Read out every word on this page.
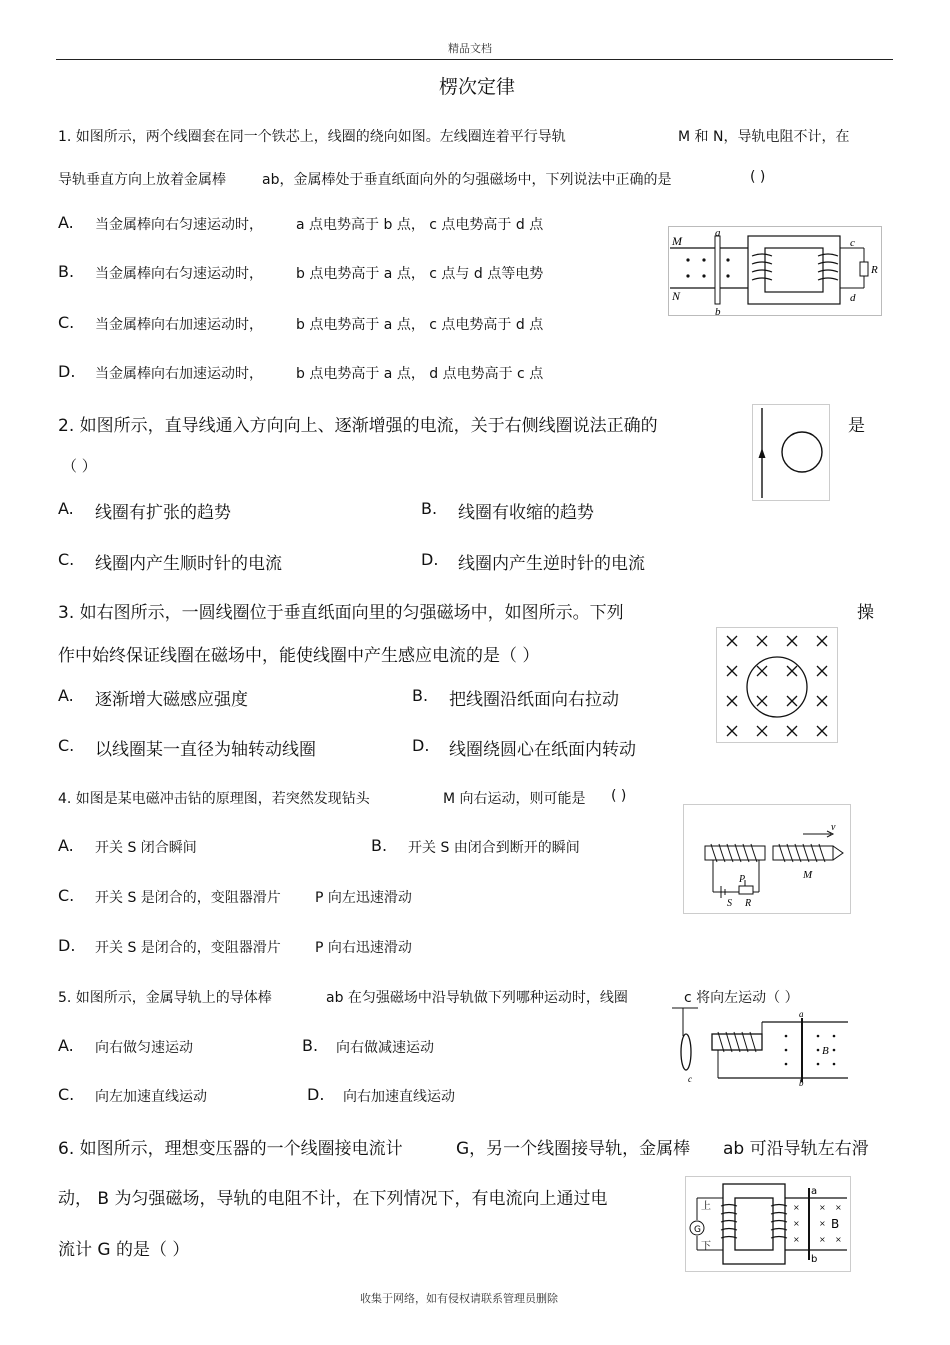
精品文档
楞次定律
1. 如图所示，两个线圈套在同一个铁芯上，线圈的绕向如图。左线圈连着平行导轨	M 和 N，导轨电阻不计，在
导轨垂直方向上放着金属棒	ab，金属棒处于垂直纸面向外的匀强磁场中，下列说法中正确的是	( )
A. 当金属棒向右匀速运动时， a 点电势高于 b 点， c 点电势高于 d 点
B. 当金属棒向右匀速运动时， b 点电势高于 a 点， c 点与 d 点等电势
C. 当金属棒向右加速运动时， b 点电势高于 a 点， c 点电势高于 d 点
D. 当金属棒向右加速运动时， b 点电势高于 a 点， d 点电势高于 c 点
M
N
a
b
c
d
R
2. 如图所示，直导线通入方向向上、逐渐增强的电流，关于右侧线圈说法正确的	是
（ ）
A. 线圈有扩张的趋势	B. 线圈有收缩的趋势
C. 线圈内产生顺时针的电流	D. 线圈内产生逆时针的电流
3. 如右图所示，一圆线圈位于垂直纸面向里的匀强磁场中，如图所示。下列	操
作中始终保证线圈在磁场中，能使线圈中产生感应电流的是（ ）
A. 逐渐增大磁感应强度	B. 把线圈沿纸面向右拉动
C. 以线圈某一直径为轴转动线圈	D. 线圈绕圆心在纸面内转动
4. 如图是某电磁冲击钻的原理图，若突然发现钻头	M 向右运动，则可能是 ( )
A. 开关 S 闭合瞬间	B. 开关 S 由闭合到断开的瞬间
C. 开关 S 是闭合的，变阻器滑片 P 向左迅速滑动
D. 开关 S 是闭合的，变阻器滑片 P 向右迅速滑动
v
M
P
S R
5. 如图所示，金属导轨上的导体棒	ab 在匀强磁场中沿导轨做下列哪种运动时，线圈	c 将向左运动（ ）
A. 向右做匀速运动	B. 向右做减速运动
C. 向左加速直线运动	D. 向右加速直线运动
a
b
B
c
6. 如图所示，理想变压器的一个线圈接电流计	G，另一个线圈接导轨，金属棒 ab 可沿导轨左右滑
动， B 为匀强磁场，导轨的电阻不计，在下列情况下，有电流向上通过电
流计 G 的是（ ）
× × ×
× ×
× × ×
G
上
下
a
b
B
收集于网络，如有侵权请联系管理员删除
